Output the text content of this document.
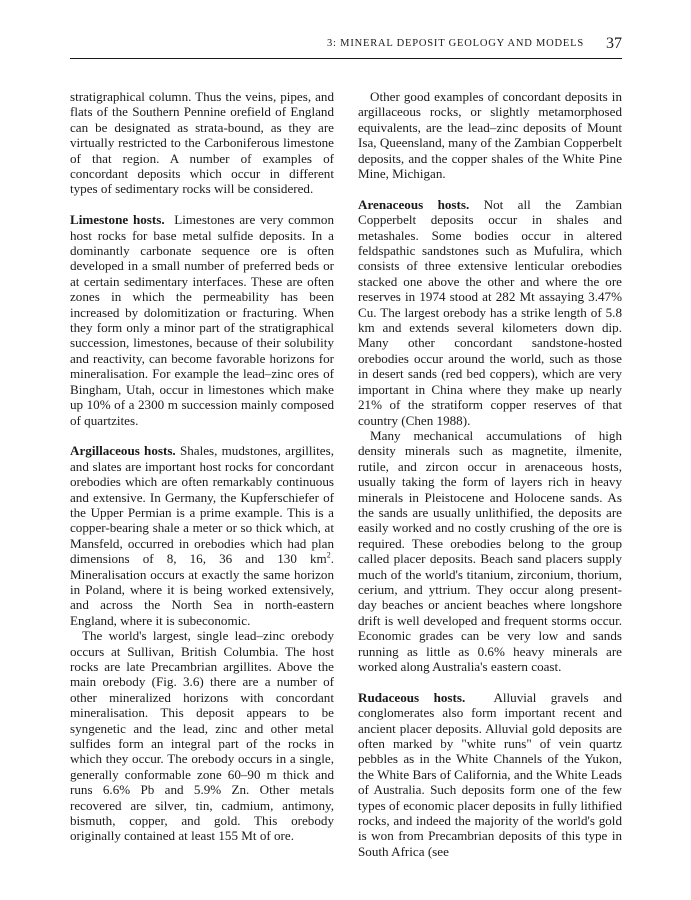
3: MINERAL DEPOSIT GEOLOGY AND MODELS 37

stratigraphical column. Thus the veins, pipes, and flats of the Southern Pennine orefield of England can be designated as strata-bound, as they are virtually restricted to the Carboniferous limestone of that region. A number of examples of concordant deposits which occur in different types of sedimentary rocks will be considered.

Limestone hosts. Limestones are very common host rocks for base metal sulfide deposits. In a dominantly carbonate sequence ore is often developed in a small number of preferred beds or at certain sedimentary interfaces. These are often zones in which the permeability has been increased by dolomitization or fracturing. When they form only a minor part of the stratigraphical succession, limestones, because of their solubility and reactivity, can become favorable horizons for mineralisation. For example the lead–zinc ores of Bingham, Utah, occur in limestones which make up 10% of a 2300 m succession mainly composed of quartzites.

Argillaceous hosts. Shales, mudstones, argillites, and slates are important host rocks for concordant orebodies which are often remarkably continuous and extensive. In Germany, the Kupferschiefer of the Upper Permian is a prime example. This is a copper-bearing shale a meter or so thick which, at Mansfeld, occurred in orebodies which had plan dimensions of 8, 16, 36 and 130 $km^2$. Mineralisation occurs at exactly the same horizon in Poland, where it is being worked extensively, and across the North Sea in north-eastern England, where it is subeconomic.

The world's largest, single lead–zinc orebody occurs at Sullivan, British Columbia. The host rocks are late Precambrian argillites. Above the main orebody (Fig. 3.6) there are a number of other mineralized horizons with concordant mineralisation. This deposit appears to be syngenetic and the lead, zinc and other metal sulfides form an integral part of the rocks in which they occur. The orebody occurs in a single, generally conformable zone 60–90 m thick and runs 6.6% Pb and 5.9% Zn. Other metals recovered are silver, tin, cadmium, antimony, bismuth, copper, and gold. This orebody originally contained at least 155 Mt of ore.

Other good examples of concordant deposits in argillaceous rocks, or slightly metamorphosed equivalents, are the lead–zinc deposits of Mount Isa, Queensland, many of the Zambian Copperbelt deposits, and the copper shales of the White Pine Mine, Michigan.

Arenaceous hosts. Not all the Zambian Copperbelt deposits occur in shales and metashales. Some bodies occur in altered feldspathic sandstones such as Mufulira, which consists of three extensive lenticular orebodies stacked one above the other and where the ore reserves in 1974 stood at 282 Mt assaying 3.47% Cu. The largest orebody has a strike length of 5.8 km and extends several kilometers down dip. Many other concordant sandstone-hosted orebodies occur around the world, such as those in desert sands (red bed coppers), which are very important in China where they make up nearly 21% of the stratiform copper reserves of that country (Chen 1988).

Many mechanical accumulations of high density minerals such as magnetite, ilmenite, rutile, and zircon occur in arenaceous hosts, usually taking the form of layers rich in heavy minerals in Pleistocene and Holocene sands. As the sands are usually unlithified, the deposits are easily worked and no costly crushing of the ore is required. These orebodies belong to the group called placer deposits. Beach sand placers supply much of the world's titanium, zirconium, thorium, cerium, and yttrium. They occur along present-day beaches or ancient beaches where longshore drift is well developed and frequent storms occur. Economic grades can be very low and sands running as little as 0.6% heavy minerals are worked along Australia's eastern coast.

Rudaceous hosts. Alluvial gravels and conglomerates also form important recent and ancient placer deposits. Alluvial gold deposits are often marked by "white runs" of vein quartz pebbles as in the White Channels of the Yukon, the White Bars of California, and the White Leads of Australia. Such deposits form one of the few types of economic placer deposits in fully lithified rocks, and indeed the majority of the world's gold is won from Precambrian deposits of this type in South Africa (see
